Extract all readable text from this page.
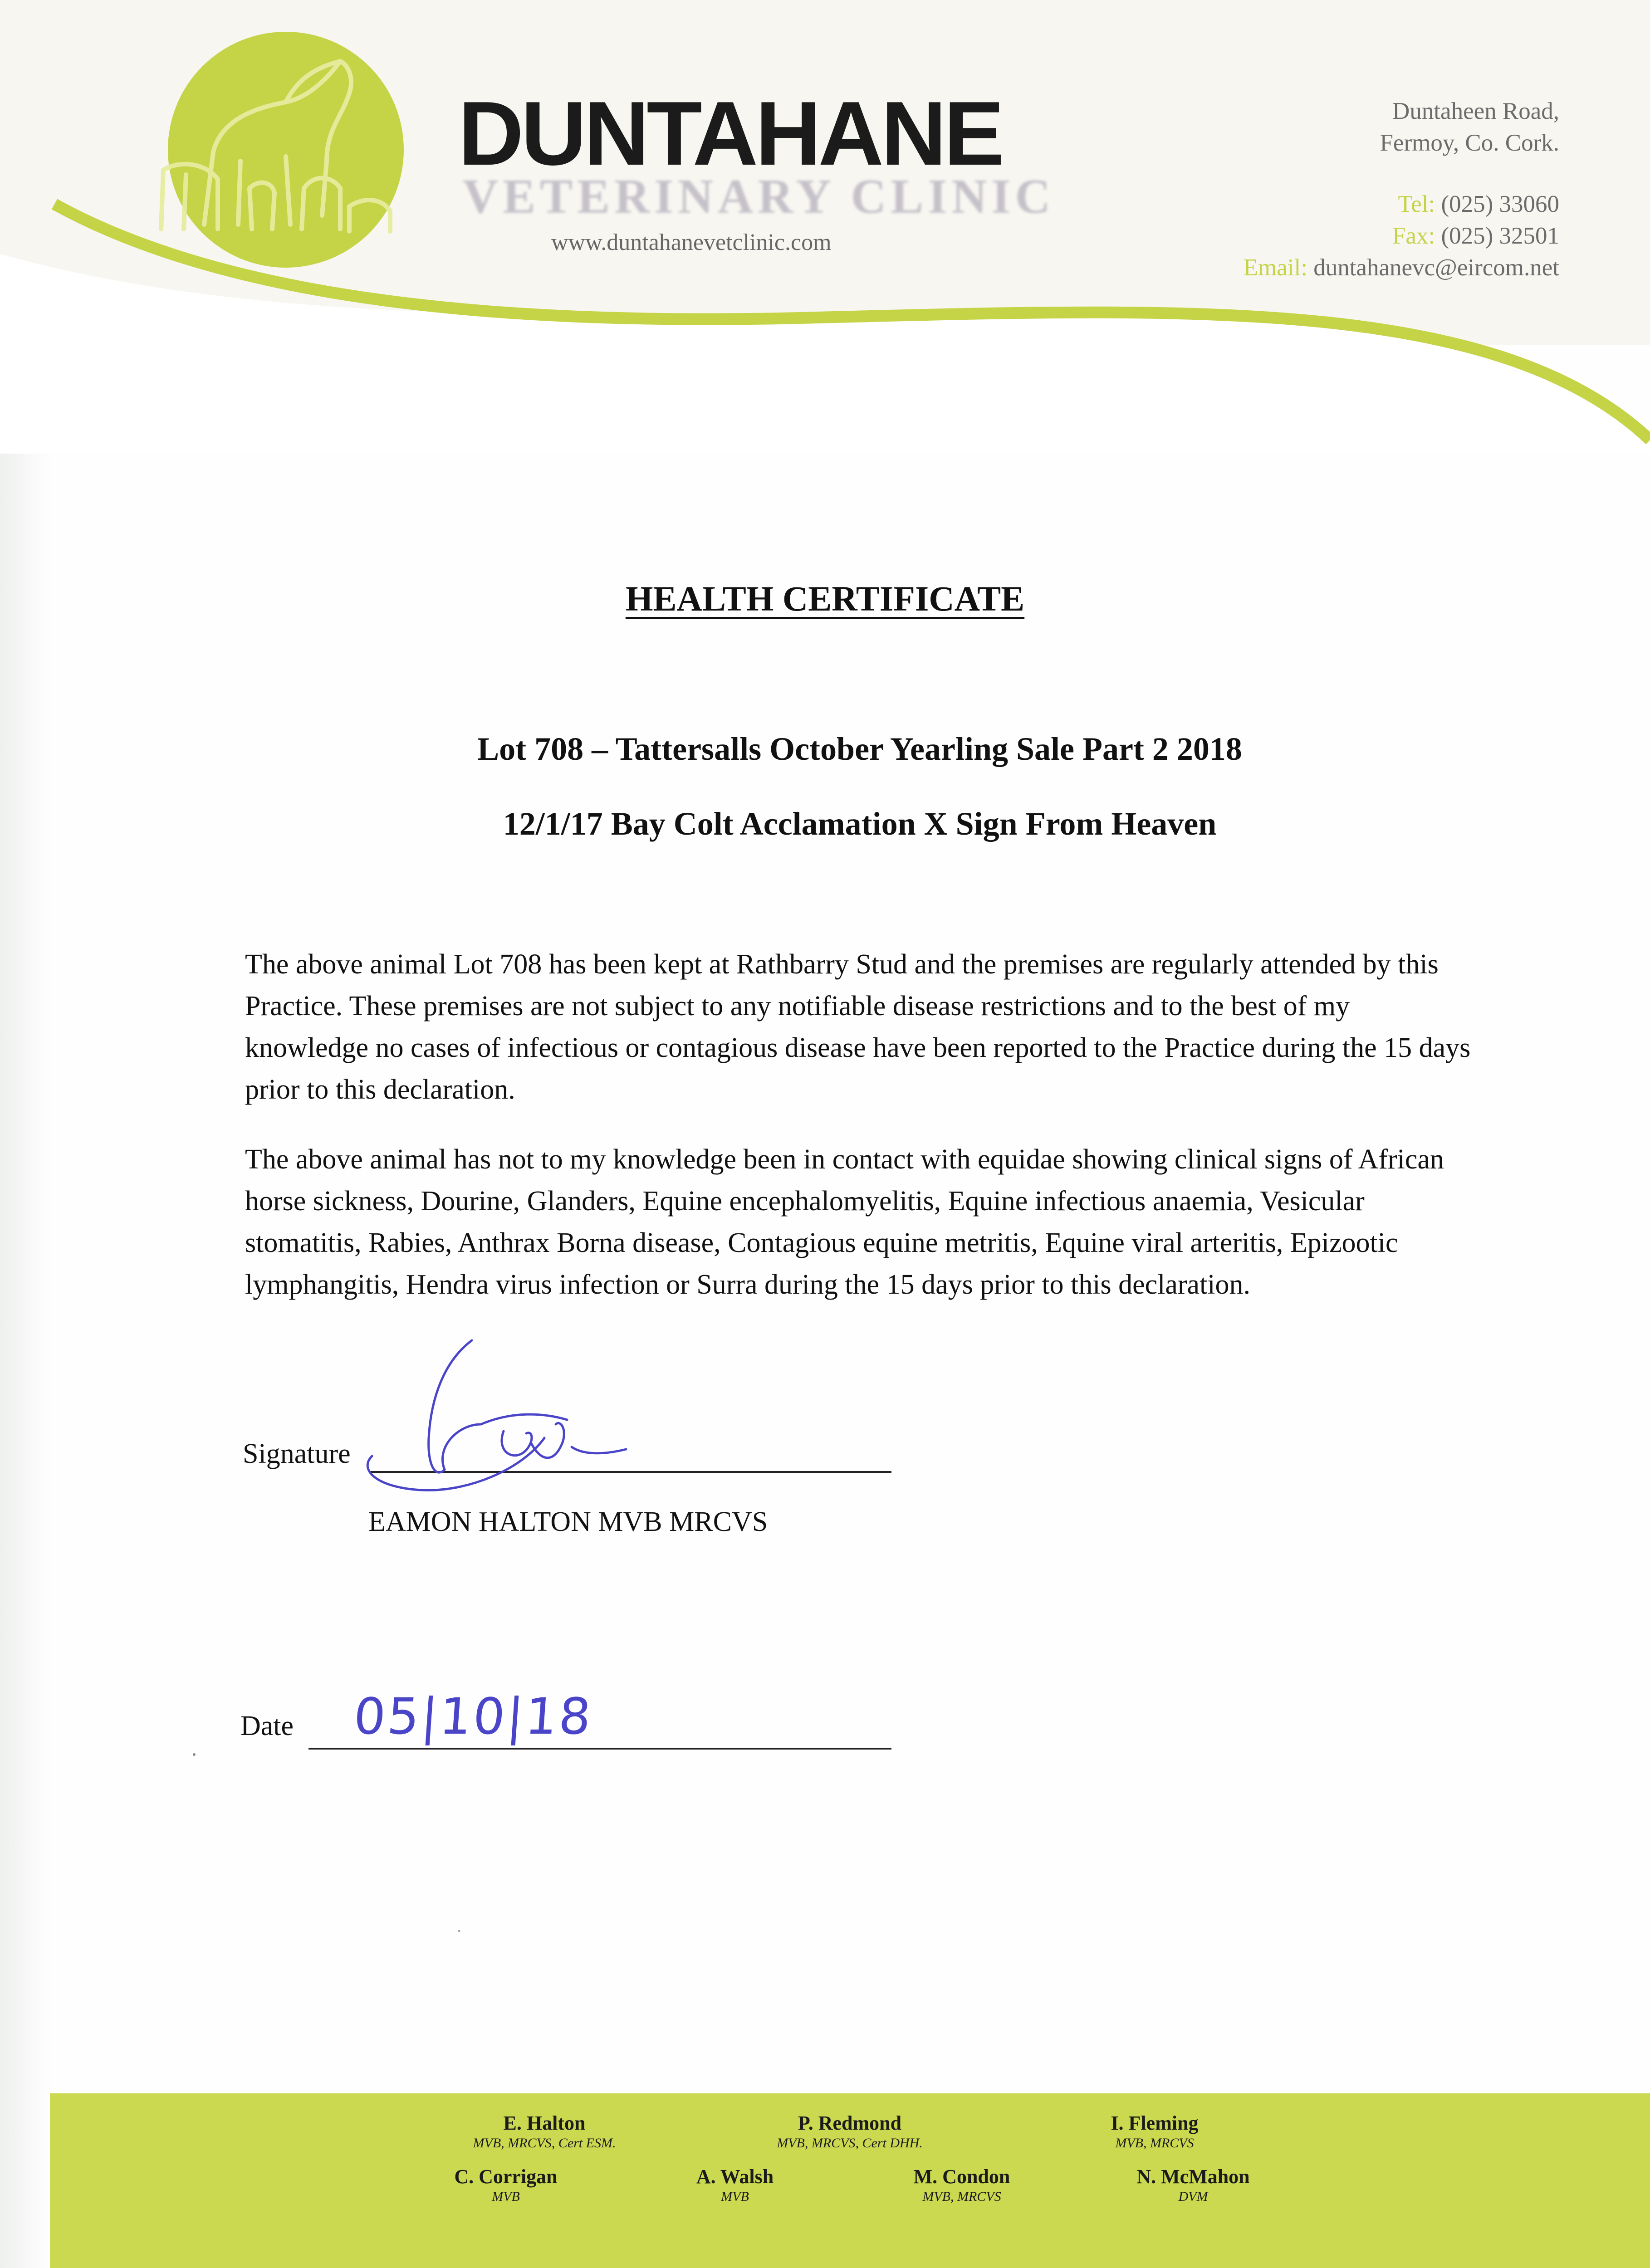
DUNTAHANE
VETERINARY CLINIC
www.duntahanevetclinic.com
Duntaheen Road,
Fermoy, Co. Cork.
Tel: (025) 33060
Fax: (025) 32501
Email: duntahanevc@eircom.net
HEALTH CERTIFICATE
Lot 708 – Tattersalls October Yearling Sale Part 2 2018
12/1/17 Bay Colt Acclamation X Sign From Heaven
The above animal Lot 708 has been kept at Rathbarry Stud and the premises are regularly attended by this Practice. These premises are not subject to any notifiable disease restrictions and to the best of my knowledge no cases of infectious or contagious disease have been reported to the Practice during the 15 days prior to this declaration.
The above animal has not to my knowledge been in contact with equidae showing clinical signs of African horse sickness, Dourine, Glanders, Equine encephalomyelitis, Equine infectious anaemia, Vesicular stomatitis, Rabies, Anthrax Borna disease, Contagious equine metritis, Equine viral arteritis, Epizootic lymphangitis, Hendra virus infection or Surra during the 15 days prior to this declaration.
Signature
EAMON HALTON MVB MRCVS
Date 05|10|18
E. Halton
MVB, MRCVS, Cert ESM.
P. Redmond
MVB, MRCVS, Cert DHH.
I. Fleming
MVB, MRCVS
C. Corrigan
MVB
A. Walsh
MVB
M. Condon
MVB, MRCVS
N. McMahon
DVM
